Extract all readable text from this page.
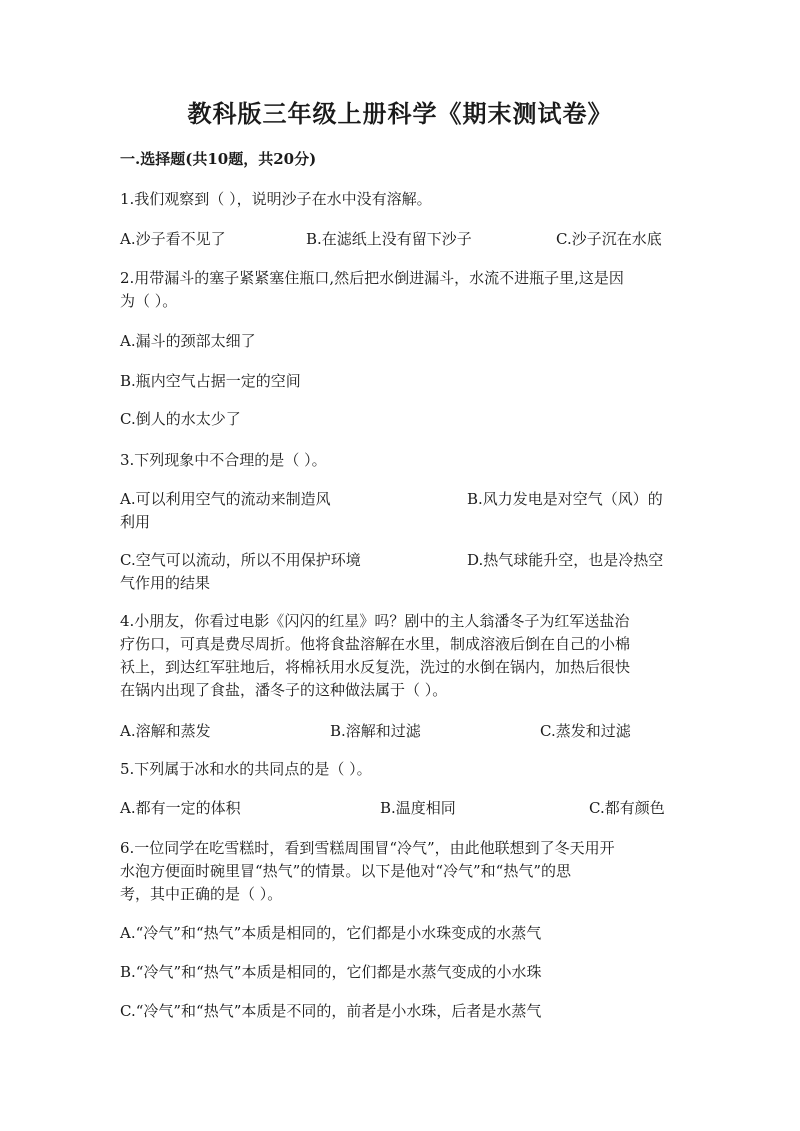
教科版三年级上册科学《期末测试卷》
一.选择题(共10题，共20分)
1.我们观察到（ ），说明沙子在水中没有溶解。
A.沙子看不见了	B.在滤纸上没有留下沙子	C.沙子沉在水底
2.用带漏斗的塞子紧紧塞住瓶口,然后把水倒进漏斗，水流不进瓶子里,这是因
为（ ）。
A.漏斗的颈部太细了
B.瓶内空气占据一定的空间
C.倒人的水太少了
3.下列现象中不合理的是（ ）。
A.可以利用空气的流动来制造风	B.风力发电是对空气（风）的
利用
C.空气可以流动，所以不用保护环境	D.热气球能升空，也是冷热空
气作用的结果
4.小朋友，你看过电影《闪闪的红星》吗？剧中的主人翁潘冬子为红军送盐治
疗伤口，可真是费尽周折。他将食盐溶解在水里，制成溶液后倒在自己的小棉
袄上，到达红军驻地后，将棉袄用水反复洗，洗过的水倒在锅内，加热后很快
在锅内出现了食盐，潘冬子的这种做法属于（ ）。
A.溶解和蒸发	B.溶解和过滤	C.蒸发和过滤
5.下列属于冰和水的共同点的是（ ）。
A.都有一定的体积	B.温度相同	C.都有颜色
6.一位同学在吃雪糕时，看到雪糕周围冒“冷气”，由此他联想到了冬天用开
水泡方便面时碗里冒“热气”的情景。以下是他对“冷气”和“热气”的思
考，其中正确的是（ ）。
A.“冷气”和“热气”本质是相同的，它们都是小水珠变成的水蒸气
B.“冷气”和“热气”本质是相同的，它们都是水蒸气变成的小水珠
C.“冷气”和“热气”本质是不同的，前者是小水珠，后者是水蒸气
